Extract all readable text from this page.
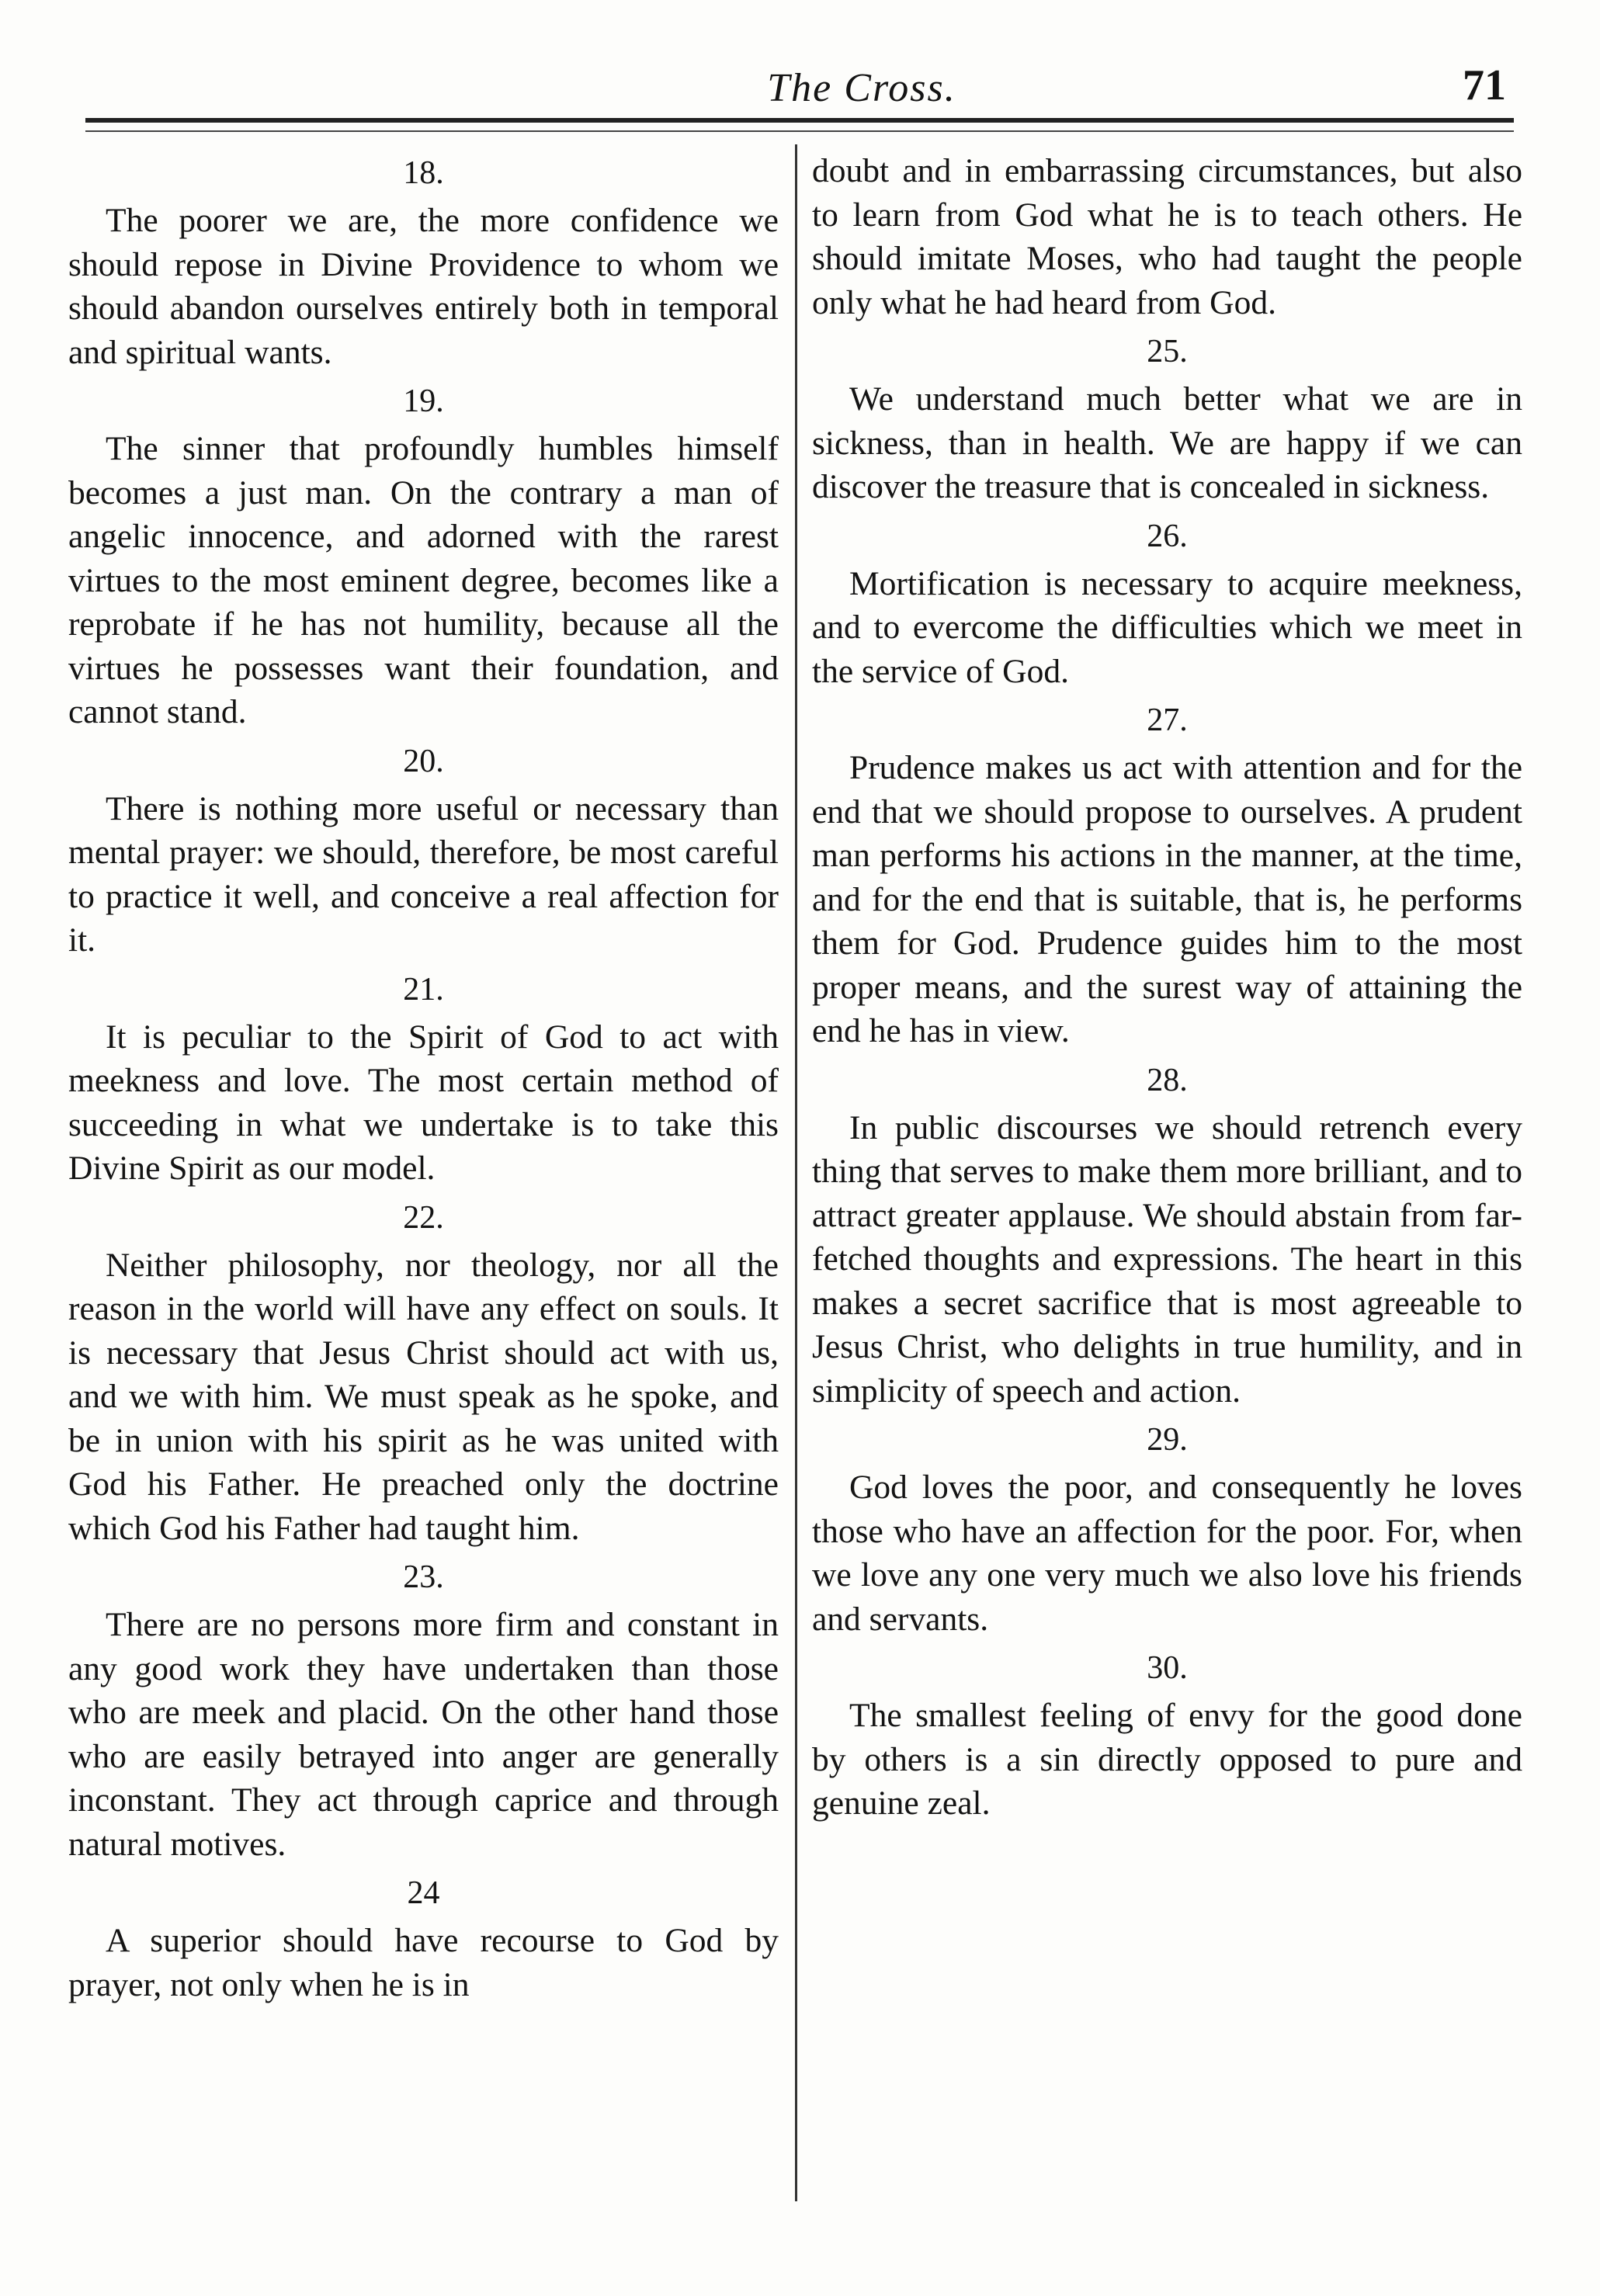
The Cross.	71
18.

The poorer we are, the more confidence we should repose in Divine Providence to whom we should abandon ourselves entirely both in temporal and spiritual wants.

19.

The sinner that profoundly humbles himself becomes a just man. On the contrary a man of angelic innocence, and adorned with the rarest virtues to the most eminent degree, becomes like a reprobate if he has not humility, because all the virtues he possesses want their foundation, and cannot stand.

20.

There is nothing more useful or necessary than mental prayer: we should, therefore, be most careful to practice it well, and conceive a real affection for it.

21.

It is peculiar to the Spirit of God to act with meekness and love. The most certain method of succeeding in what we undertake is to take this Divine Spirit as our model.

22.

Neither philosophy, nor theology, nor all the reason in the world will have any effect on souls. It is necessary that Jesus Christ should act with us, and we with him. We must speak as he spoke, and be in union with his spirit as he was united with God his Father. He preached only the doctrine which God his Father had taught him.

23.

There are no persons more firm and constant in any good work they have undertaken than those who are meek and placid. On the other hand those who are easily betrayed into anger are generally inconstant. They act through caprice and through natural motives.

24

A superior should have recourse to God by prayer, not only when he is in

doubt and in embarrassing circumstances, but also to learn from God what he is to teach others. He should imitate Moses, who had taught the people only what he had heard from God.

25.

We understand much better what we are in sickness, than in health. We are happy if we can discover the treasure that is concealed in sickness.

26.

Mortification is necessary to acquire meekness, and to evercome the difficulties which we meet in the service of God.

27.

Prudence makes us act with attention and for the end that we should propose to ourselves. A prudent man performs his actions in the manner, at the time, and for the end that is suitable, that is, he performs them for God. Prudence guides him to the most proper means, and the surest way of attaining the end he has in view.

28.

In public discourses we should retrench every thing that serves to make them more brilliant, and to attract greater applause. We should abstain from far-fetched thoughts and expressions. The heart in this makes a secret sacrifice that is most agreeable to Jesus Christ, who delights in true humility, and in simplicity of speech and action.

29.

God loves the poor, and consequently he loves those who have an affection for the poor. For, when we love any one very much we also love his friends and servants.

30.

The smallest feeling of envy for the good done by others is a sin directly opposed to pure and genuine zeal.
